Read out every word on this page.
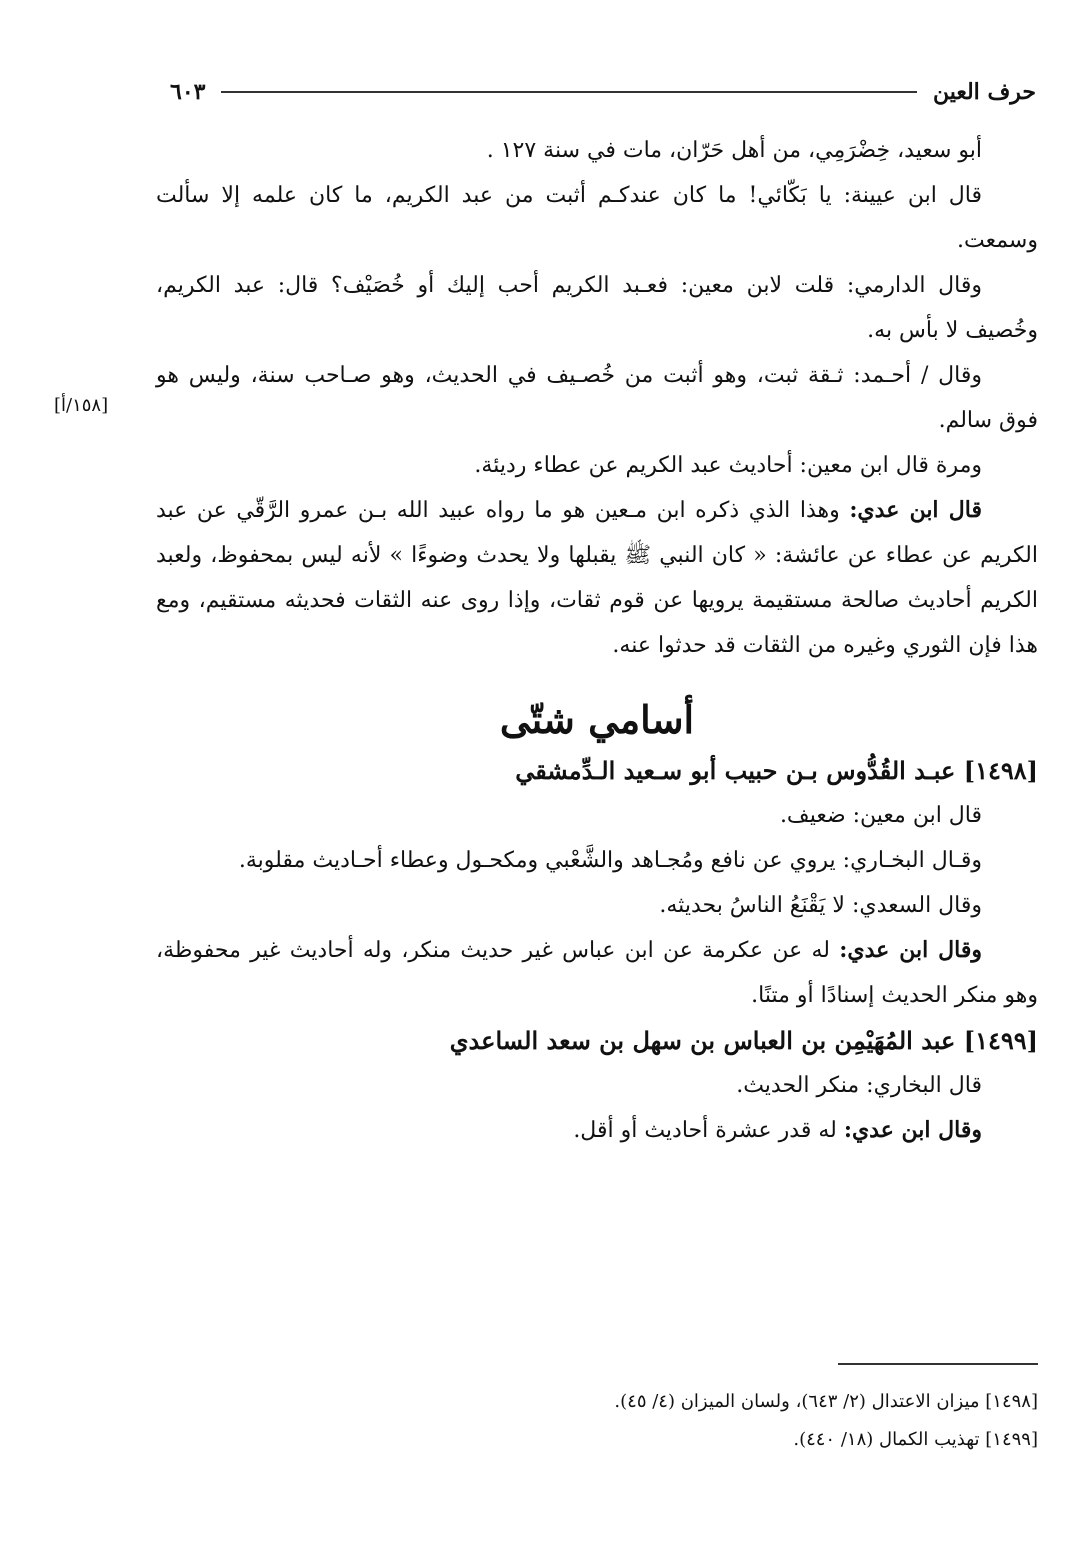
حرف العين
٦٠٣
[١٥٨/أ]

أبو سعيد، خِضْرَمِي، من أهل حَرّان، مات في سنة ١٢٧ .

قال ابن عيينة: يا بَكّائي! ما كان عندكـم أثبت من عبد الكريم، ما كان علمه إلا سألت وسمعت.

وقال الدارمي: قلت لابن معين: فعـبد الكريم أحب إليك أو خُصَيْف؟ قال: عبد الكريم، وخُصيف لا بأس به.

وقال / أحـمد: ثـقة ثبت، وهو أثبت من خُصـيف في الحديث، وهو صـاحب سنة، وليس هو فوق سالم.

ومرة قال ابن معين: أحاديث عبد الكريم عن عطاء رديئة.

قال ابن عدي: وهذا الذي ذكره ابن مـعين هو ما رواه عبيد الله بـن عمرو الرَّقّي عن عبد الكريم عن عطاء عن عائشة: « كان النبي ﷺ يقبلها ولا يحدث وضوءًا » لأنه ليس بمحفوظ، ولعبد الكريم أحاديث صالحة مستقيمة يرويها عن قوم ثقات، وإذا روى عنه الثقات فحديثه مستقيم، ومع هذا فإن الثوري وغيره من الثقات قد حدثوا عنه.

أسامي شتّى

[١٤٩٨] عبـد القُدُّوس بـن حبيب أبو سـعيد الـدِّمشقي

قال ابن معين: ضعيف.

وقـال البخـاري: يروي عن نافع ومُجـاهد والشَّعْبي ومكحـول وعطاء أحـاديث مقلوبة.

وقال السعدي: لا يَقْنَعُ الناسُ بحديثه.

وقال ابن عدي: له عن عكرمة عن ابن عباس غير حديث منكر، وله أحاديث غير محفوظة، وهو منكر الحديث إسنادًا أو متنًا.

[١٤٩٩] عبد المُهَيْمِن بن العباس بن سهل بن سعد الساعدي

قال البخاري: منكر الحديث.

وقال ابن عدي: له قدر عشرة أحاديث أو أقل.

[١٤٩٨] ميزان الاعتدال (٢/ ٦٤٣)، ولسان الميزان (٤/ ٤٥).

[١٤٩٩] تهذيب الكمال (١٨/ ٤٤٠).
